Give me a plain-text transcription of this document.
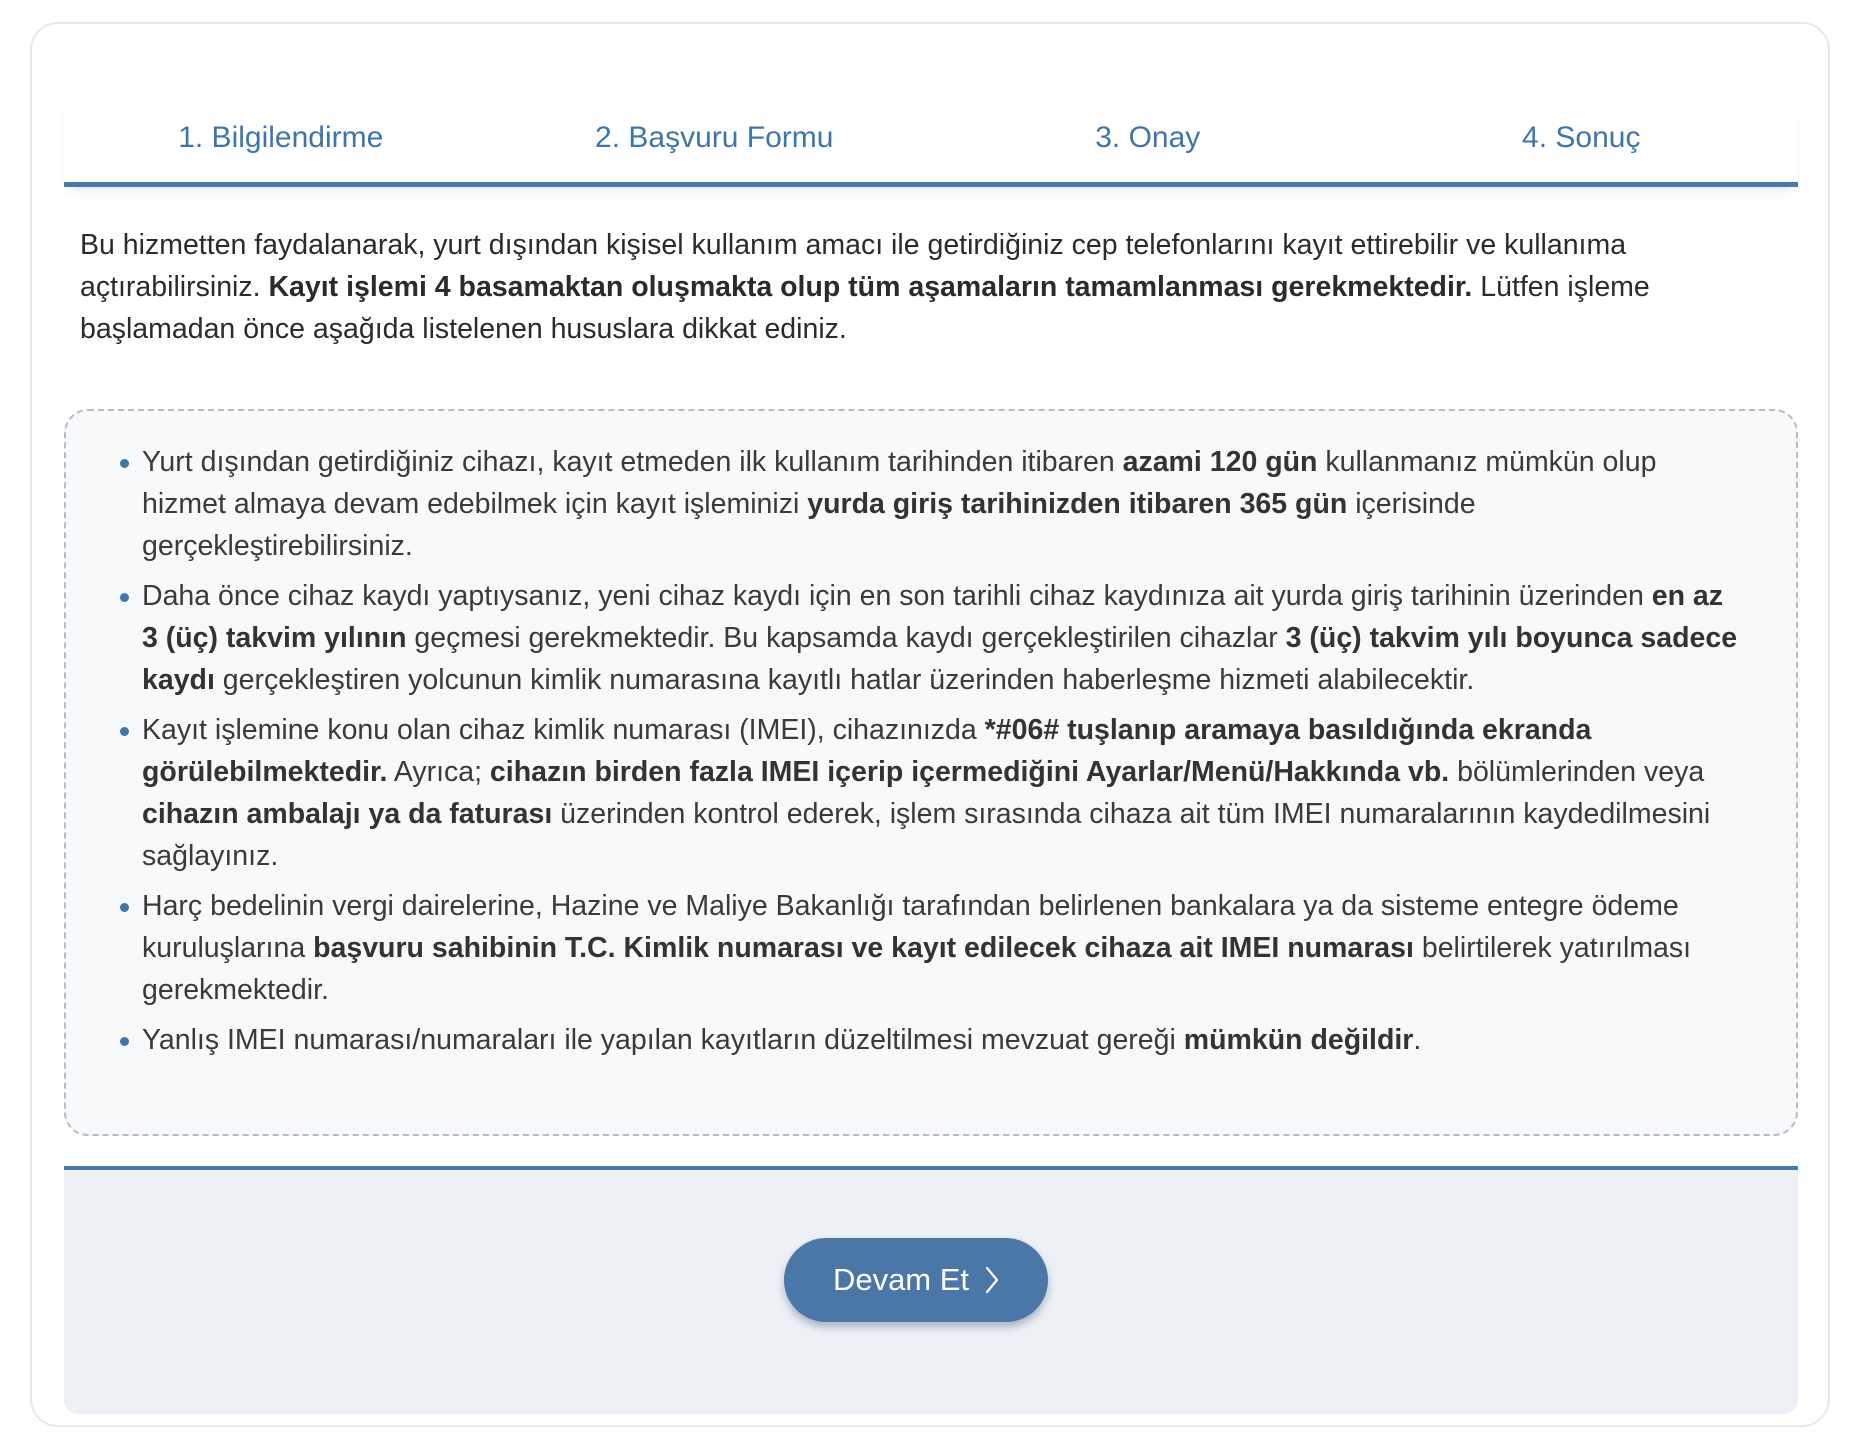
1. Bilgilendirme	2. Başvuru Formu	3. Onay	4. Sonuç

Bu hizmetten faydalanarak, yurt dışından kişisel kullanım amacı ile getirdiğiniz cep telefonlarını kayıt ettirebilir ve kullanıma açtırabilirsiniz. Kayıt işlemi 4 basamaktan oluşmakta olup tüm aşamaların tamamlanması gerekmektedir. Lütfen işleme başlamadan önce aşağıda listelenen hususlara dikkat ediniz.

Yurt dışından getirdiğiniz cihazı, kayıt etmeden ilk kullanım tarihinden itibaren azami 120 gün kullanmanız mümkün olup hizmet almaya devam edebilmek için kayıt işleminizi yurda giriş tarihinizden itibaren 365 gün içerisinde gerçekleştirebilirsiniz.
Daha önce cihaz kaydı yaptıysanız, yeni cihaz kaydı için en son tarihli cihaz kaydınıza ait yurda giriş tarihinin üzerinden en az 3 (üç) takvim yılının geçmesi gerekmektedir. Bu kapsamda kaydı gerçekleştirilen cihazlar 3 (üç) takvim yılı boyunca sadece kaydı gerçekleştiren yolcunun kimlik numarasına kayıtlı hatlar üzerinden haberleşme hizmeti alabilecektir.
Kayıt işlemine konu olan cihaz kimlik numarası (IMEI), cihazınızda *#06# tuşlanıp aramaya basıldığında ekranda görülebilmektedir. Ayrıca; cihazın birden fazla IMEI içerip içermediğini Ayarlar/Menü/Hakkında vb. bölümlerinden veya cihazın ambalajı ya da faturası üzerinden kontrol ederek, işlem sırasında cihaza ait tüm IMEI numaralarının kaydedilmesini sağlayınız.
Harç bedelinin vergi dairelerine, Hazine ve Maliye Bakanlığı tarafından belirlenen bankalara ya da sisteme entegre ödeme kuruluşlarına başvuru sahibinin T.C. Kimlik numarası ve kayıt edilecek cihaza ait IMEI numarası belirtilerek yatırılması gerekmektedir.
Yanlış IMEI numarası/numaraları ile yapılan kayıtların düzeltilmesi mevzuat gereği mümkün değildir.
Devam Et
